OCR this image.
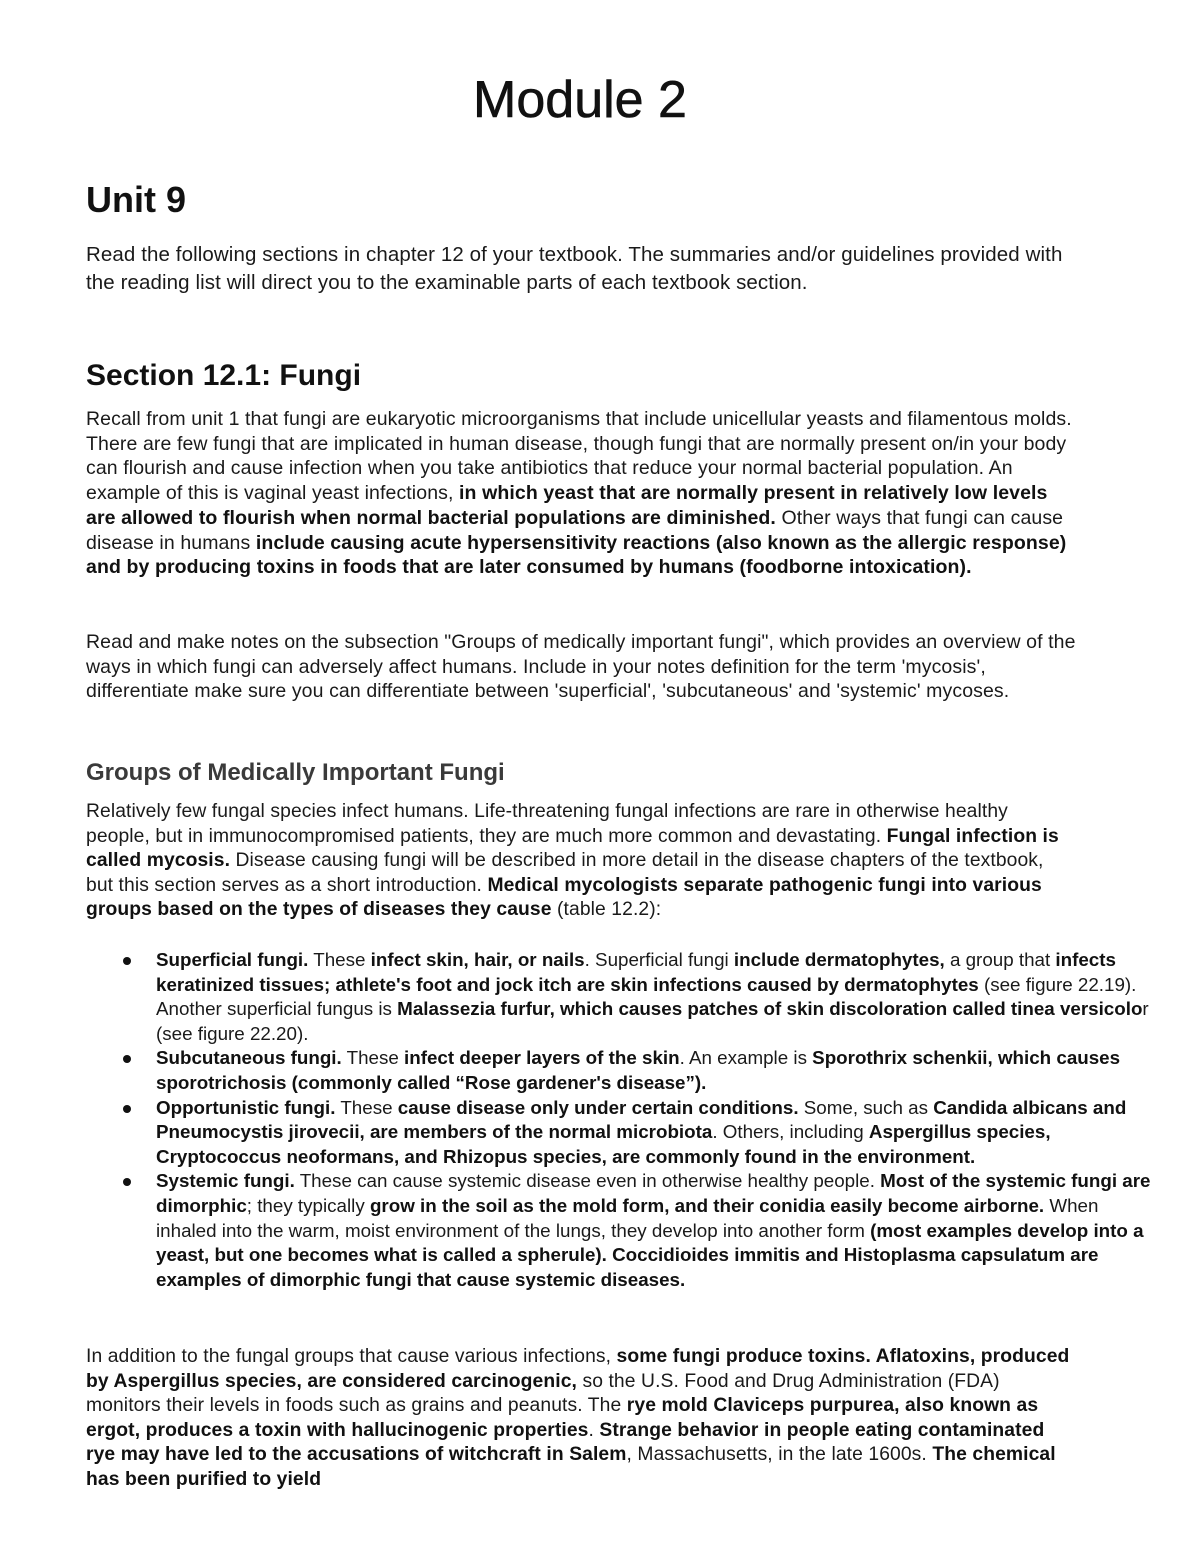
Module 2
Unit 9

Read the following sections in chapter 12 of your textbook. The summaries and/or guidelines provided with the reading list will direct you to the examinable parts of each textbook section.

Section 12.1: Fungi

Recall from unit 1 that fungi are eukaryotic microorganisms that include unicellular yeasts and filamentous molds. There are few fungi that are implicated in human disease, though fungi that are normally present on/in your body can flourish and cause infection when you take antibiotics that reduce your normal bacterial population. An example of this is vaginal yeast infections, in which yeast that are normally present in relatively low levels are allowed to flourish when normal bacterial populations are diminished. Other ways that fungi can cause disease in humans include causing acute hypersensitivity reactions (also known as the allergic response) and by producing toxins in foods that are later consumed by humans (foodborne intoxication).

Read and make notes on the subsection "Groups of medically important fungi", which provides an overview of the ways in which fungi can adversely affect humans. Include in your notes definition for the term 'mycosis', differentiate make sure you can differentiate between 'superficial', 'subcutaneous' and 'systemic' mycoses.

Groups of Medically Important Fungi

Relatively few fungal species infect humans. Life-threatening fungal infections are rare in otherwise healthy people, but in immunocompromised patients, they are much more common and devastating. Fungal infection is called mycosis. Disease causing fungi will be described in more detail in the disease chapters of the textbook, but this section serves as a short introduction. Medical mycologists separate pathogenic fungi into various groups based on the types of diseases they cause (table 12.2):

Superficial fungi. These infect skin, hair, or nails. Superficial fungi include dermatophytes, a group that infects keratinized tissues; athlete's foot and jock itch are skin infections caused by dermatophytes (see figure 22.19). Another superficial fungus is Malassezia furfur, which causes patches of skin discoloration called tinea versicolor (see figure 22.20).
Subcutaneous fungi. These infect deeper layers of the skin. An example is Sporothrix schenkii, which causes sporotrichosis (commonly called “Rose gardener's disease”).
Opportunistic fungi. These cause disease only under certain conditions. Some, such as Candida albicans and Pneumocystis jirovecii, are members of the normal microbiota. Others, including Aspergillus species, Cryptococcus neoformans, and Rhizopus species, are commonly found in the environment.
Systemic fungi. These can cause systemic disease even in otherwise healthy people. Most of the systemic fungi are dimorphic; they typically grow in the soil as the mold form, and their conidia easily become airborne. When inhaled into the warm, moist environment of the lungs, they develop into another form (most examples develop into a yeast, but one becomes what is called a spherule). Coccidioides immitis and Histoplasma capsulatum are examples of dimorphic fungi that cause systemic diseases.

In addition to the fungal groups that cause various infections, some fungi produce toxins. Aflatoxins, produced by Aspergillus species, are considered carcinogenic, so the U.S. Food and Drug Administration (FDA) monitors their levels in foods such as grains and peanuts. The rye mold Claviceps purpurea, also known as ergot, produces a toxin with hallucinogenic properties. Strange behavior in people eating contaminated rye may have led to the accusations of witchcraft in Salem, Massachusetts, in the late 1600s. The chemical has been purified to yield
